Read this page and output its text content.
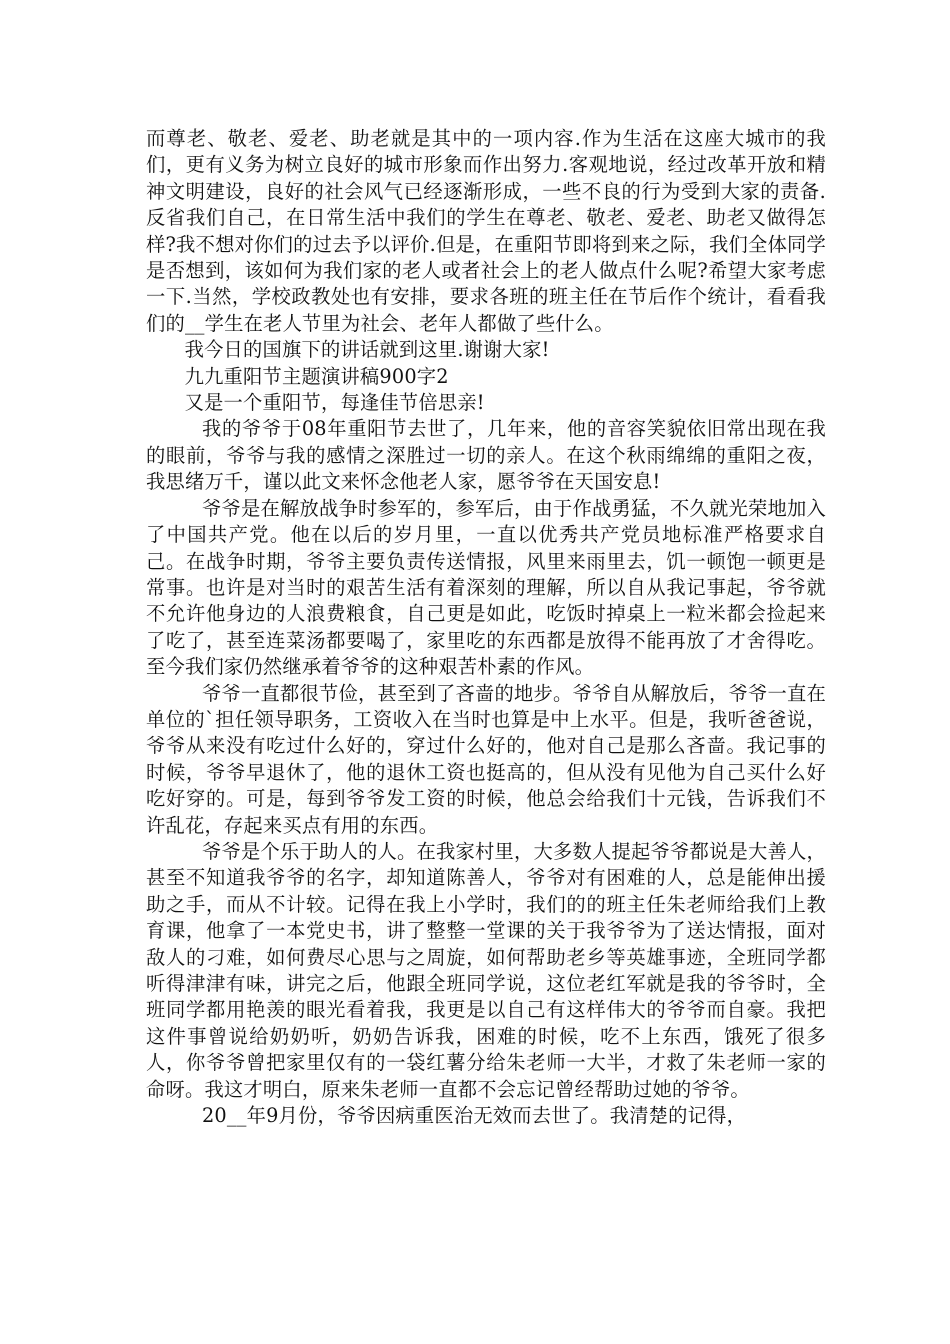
而尊老、敬老、爱老、助老就是其中的一项内容.作为生活在这座大城市的我们，更有义务为树立良好的城市形象而作出努力.客观地说，经过改革开放和精神文明建设，良好的社会风气已经逐渐形成，一些不良的行为受到大家的责备.反省我们自己，在日常生活中我们的学生在尊老、敬老、爱老、助老又做得怎样?我不想对你们的过去予以评价.但是，在重阳节即将到来之际，我们全体同学是否想到，该如何为我们家的老人或者社会上的老人做点什么呢?希望大家考虑一下.当然，学校政教处也有安排，要求各班的班主任在节后作个统计，看看我们的__学生在老人节里为社会、老年人都做了些什么。
我今日的国旗下的讲话就到这里.谢谢大家!
九九重阳节主题演讲稿900字2
又是一个重阳节，每逢佳节倍思亲!
我的爷爷于08年重阳节去世了，几年来，他的音容笑貌依旧常出现在我的眼前，爷爷与我的感情之深胜过一切的亲人。在这个秋雨绵绵的重阳之夜，我思绪万千，谨以此文来怀念他老人家，愿爷爷在天国安息!
爷爷是在解放战争时参军的，参军后，由于作战勇猛，不久就光荣地加入了中国共产党。他在以后的岁月里，一直以优秀共产党员地标准严格要求自己。在战争时期，爷爷主要负责传送情报，风里来雨里去，饥一顿饱一顿更是常事。也许是对当时的艰苦生活有着深刻的理解，所以自从我记事起，爷爷就不允许他身边的人浪费粮食，自己更是如此，吃饭时掉桌上一粒米都会捡起来了吃了，甚至连菜汤都要喝了，家里吃的东西都是放得不能再放了才舍得吃。至今我们家仍然继承着爷爷的这种艰苦朴素的作风。
爷爷一直都很节俭，甚至到了吝啬的地步。爷爷自从解放后，爷爷一直在单位的`担任领导职务，工资收入在当时也算是中上水平。但是，我听爸爸说，爷爷从来没有吃过什么好的，穿过什么好的，他对自己是那么吝啬。我记事的时候，爷爷早退休了，他的退休工资也挺高的，但从没有见他为自己买什么好吃好穿的。可是，每到爷爷发工资的时候，他总会给我们十元钱，告诉我们不许乱花，存起来买点有用的东西。
爷爷是个乐于助人的人。在我家村里，大多数人提起爷爷都说是大善人，甚至不知道我爷爷的名字，却知道陈善人，爷爷对有困难的人，总是能伸出援助之手，而从不计较。记得在我上小学时，我们的的班主任朱老师给我们上教育课，他拿了一本党史书，讲了整整一堂课的关于我爷爷为了送达情报，面对敌人的刁难，如何费尽心思与之周旋，如何帮助老乡等英雄事迹，全班同学都听得津津有味，讲完之后，他跟全班同学说，这位老红军就是我的爷爷时，全班同学都用艳羡的眼光看着我，我更是以自己有这样伟大的爷爷而自豪。我把这件事曾说给奶奶听，奶奶告诉我，困难的时候，吃不上东西，饿死了很多人，你爷爷曾把家里仅有的一袋红薯分给朱老师一大半，才救了朱老师一家的命呀。我这才明白，原来朱老师一直都不会忘记曾经帮助过她的爷爷。
20__年9月份，爷爷因病重医治无效而去世了。我清楚的记得，
